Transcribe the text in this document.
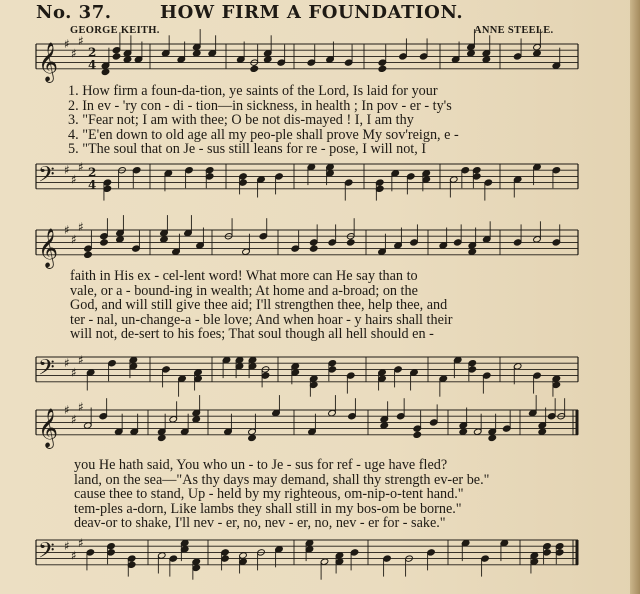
No. 37.	HOW FIRM A FOUNDATION.
GEORGE KEITH.	ANNE STEELE.
𝄞 ♯
♯
♯
2
4
𝄢 ♯
♯
♯ 2
4
𝄞 ♯
♯
♯
𝄢 ♯
♯
♯
𝄞 ♯
♯
♯
𝄢 ♯
♯
♯
1. How firm a foun-da-tion, ye saints of the Lord, Is laid for your
2. In ev - 'ry con - di - tion—in sickness, in health ; In pov - er - ty's
3. "Fear not; I am with thee; O be not dis-mayed ! I, I am thy
4. "E'en down to old age all my peo-ple shall prove My sov'reign, e -
5. "The soul that on Je - sus still leans for re - pose, I will not, I
faith in His ex - cel-lent word! What more can He say than to
vale, or a - bound-ing in wealth; At home and a-broad; on the
God, and will still give thee aid; I'll strengthen thee, help thee, and
ter - nal, un-change-a - ble love; And when hoar - y hairs shall their
will not, de-sert to his foes; That soul though all hell should en -
you He hath said, You who un - to Je - sus for ref - uge have fled?
land, on the sea—"As thy days may demand, shall thy strength ev-er be."
cause thee to stand, Up - held by my righteous, om-nip-o-tent hand."
tem-ples a-dorn, Like lambs they shall still in my bos-om be borne."
deav-or to shake, I'll nev - er, no, nev - er, no, nev - er for - sake."
